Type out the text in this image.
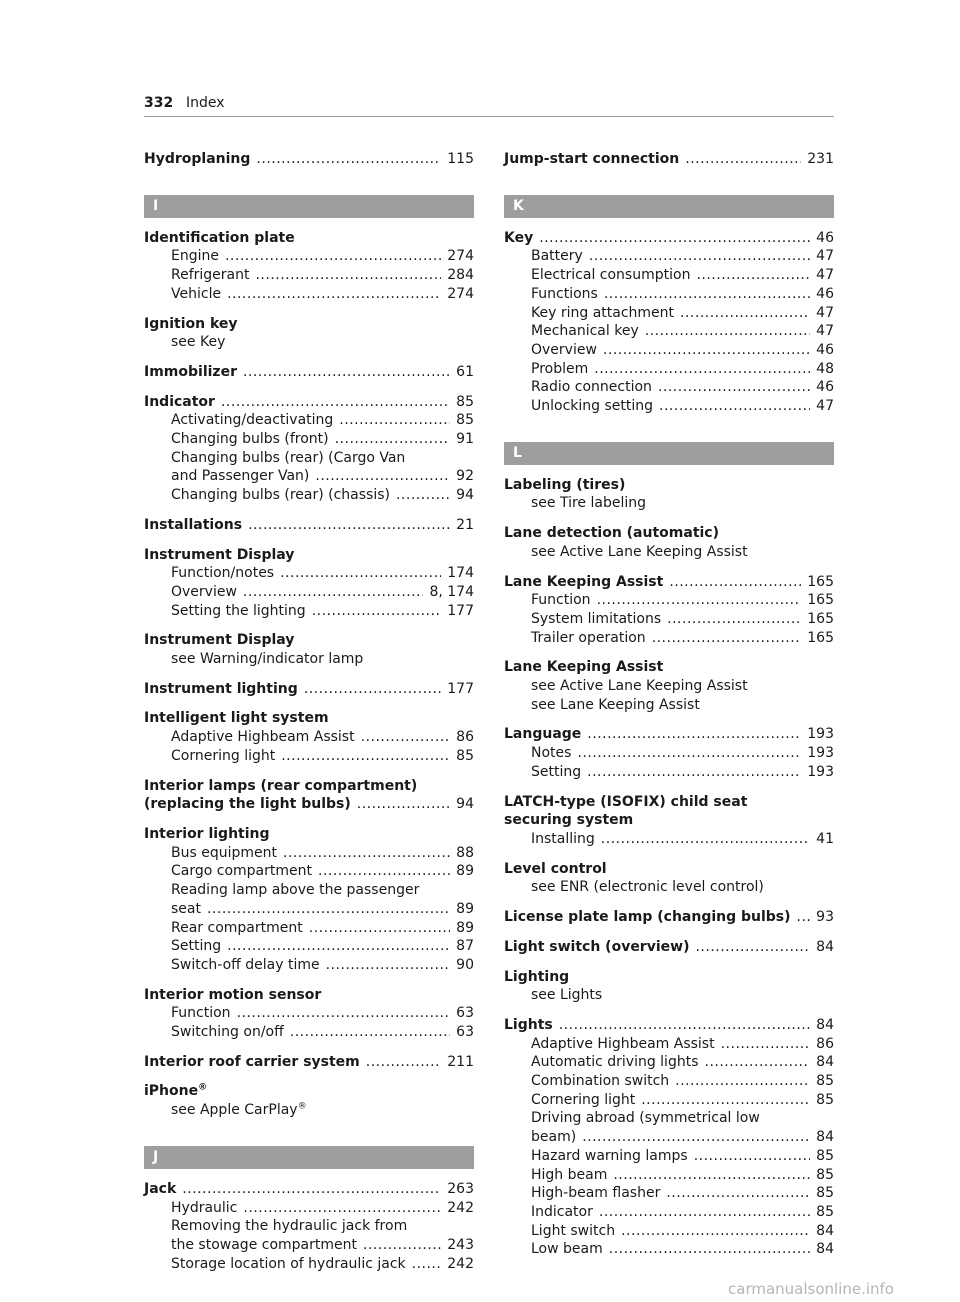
332 Index
Hydroplaning .....	115
I
Identification plate
Engine .....	274
Refrigerant .....	284
Vehicle .....	274
Ignition key
see Key
Immobilizer .....	61
Indicator .....	85
Activating/deactivating .....	85
Changing bulbs (front) .....	91
Changing bulbs (rear) (Cargo Van
and Passenger Van) .....	92
Changing bulbs (rear) (chassis) .....	94
Installations .....	21
Instrument Display
Function/notes .....	174
Overview .....	8, 174
Setting the lighting .....	177
Instrument Display
see Warning/indicator lamp
Instrument lighting .....	177
Intelligent light system
Adaptive Highbeam Assist .....	86
Cornering light .....	85
Interior lamps (rear compartment)
(replacing the light bulbs) .....	94
Interior lighting
Bus equipment .....	88
Cargo compartment .....	89
Reading lamp above the passenger
seat .....	89
Rear compartment .....	89
Setting .....	87
Switch-off delay time .....	90
Interior motion sensor
Function .....	63
Switching on/off .....	63
Interior roof carrier system .....	211
iPhone®
see Apple CarPlay®
J
Jack .....	263
Hydraulic .....	242
Removing the hydraulic jack from
the stowage compartment .....	243
Storage location of hydraulic jack .....	242
Jump-start connection .....	231
K
Key .....	46
Battery .....	47
Electrical consumption .....	47
Functions .....	46
Key ring attachment .....	47
Mechanical key .....	47
Overview .....	46
Problem .....	48
Radio connection .....	46
Unlocking setting .....	47
L
Labeling (tires)
see Tire labeling
Lane detection (automatic)
see Active Lane Keeping Assist
Lane Keeping Assist .....	165
Function .....	165
System limitations .....	165
Trailer operation .....	165
Lane Keeping Assist
see Active Lane Keeping Assist
see Lane Keeping Assist
Language .....	193
Notes .....	193
Setting .....	193
LATCH-type (ISOFIX) child seat
securing system
Installing .....	41
Level control
see ENR (electronic level control)
License plate lamp (changing bulbs) ..... 93
Light switch (overview) .....	84
Lighting
see Lights
Lights .....	84
Adaptive Highbeam Assist .....	86
Automatic driving lights .....	84
Combination switch .....	85
Cornering light .....	85
Driving abroad (symmetrical low
beam) .....	84
Hazard warning lamps .....	85
High beam .....	85
High-beam flasher .....	85
Indicator .....	85
Light switch .....	84
Low beam .....	84
carmanualsonline.info
